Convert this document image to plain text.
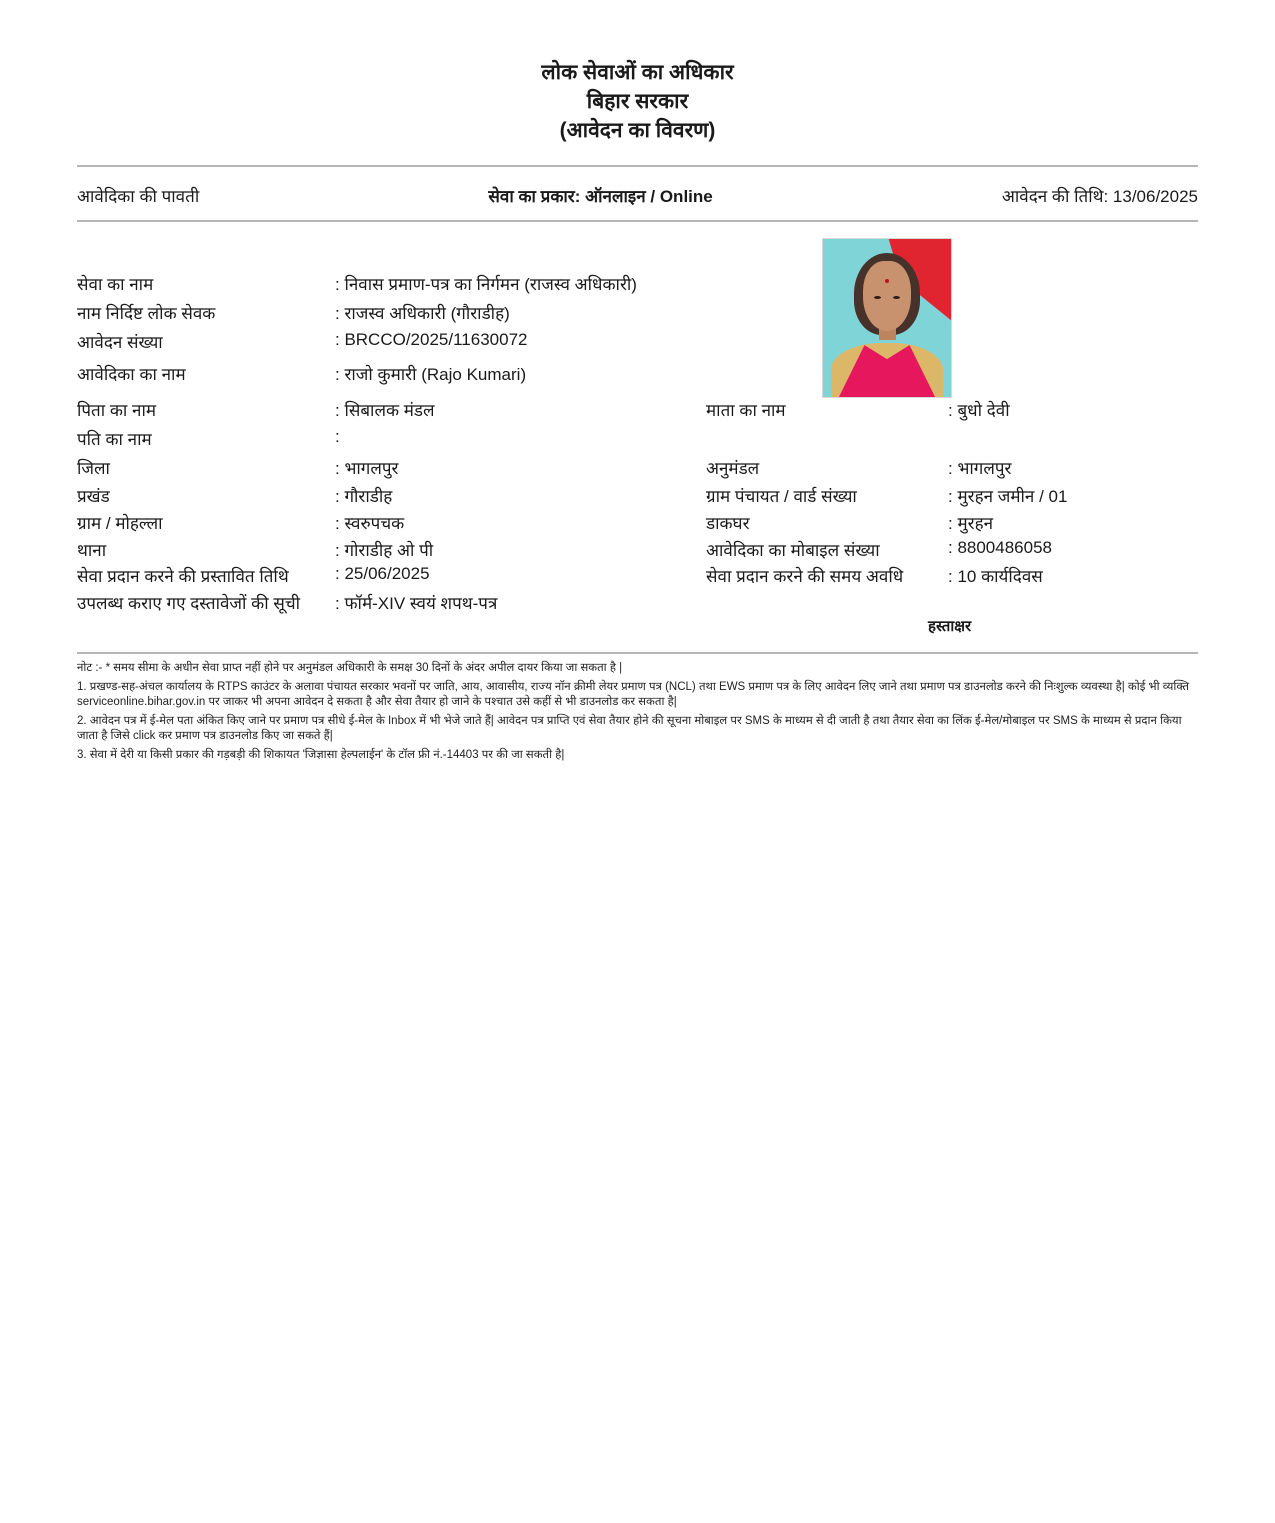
लोक सेवाओं का अधिकार
बिहार सरकार
(आवेदन का विवरण)
आवेदिका की पावती	सेवा का प्रकार: ऑनलाइन / Online	आवेदन की तिथि: 13/06/2025
सेवा का नाम	: निवास प्रमाण-पत्र का निर्गमन (राजस्व अधिकारी)
नाम निर्दिष्ट लोक सेवक	: राजस्व अधिकारी (गौराडीह)
आवेदन संख्या	: BRCCO/2025/11630072
आवेदिका का नाम	: राजो कुमारी (Rajo Kumari)
पिता का नाम	: सिबालक मंडल
पति का नाम	:
जिला	: भागलपुर
प्रखंड	: गौराडीह
ग्राम / मोहल्ला	: स्वरुपचक
थाना	: गोराडीह ओ पी
सेवा प्रदान करने की प्रस्तावित तिथि	: 25/06/2025
उपलब्ध कराए गए दस्तावेजों की सूची : फॉर्म-XIV स्वयं शपथ-पत्र
माता का नाम	: बुधो देवी
अनुमंडल	: भागलपुर
ग्राम पंचायत / वार्ड संख्या	: मुरहन जमीन / 01
डाकघर	: मुरहन
आवेदिका का मोबाइल संख्या	: 8800486058
सेवा प्रदान करने की समय अवधि	: 10 कार्यदिवस
हस्ताक्षर

नोट :- * समय सीमा के अधीन सेवा प्राप्त नहीं होने पर अनुमंडल अधिकारी के समक्ष 30 दिनों के अंदर अपील दायर किया जा सकता है |

1. प्रखण्ड-सह-अंचल कार्यालय के RTPS काउंटर के अलावा पंचायत सरकार भवनों पर जाति, आय, आवासीय, राज्य नॉन क्रीमी लेयर प्रमाण पत्र (NCL) तथा EWS प्रमाण पत्र के लिए आवेदन लिए जाने तथा प्रमाण पत्र डाउनलोड करने की निःशुल्क व्यवस्था है| कोई भी व्यक्ति serviceonline.bihar.gov.in पर जाकर भी अपना आवेदन दे सकता है और सेवा तैयार हो जाने के पश्चात उसे कहीं से भी डाउनलोड कर सकता है|

2. आवेदन पत्र में ई-मेल पता अंकित किए जाने पर प्रमाण पत्र सीधे ई-मेल के Inbox में भी भेजे जाते हैं| आवेदन पत्र प्राप्ति एवं सेवा तैयार होने की सूचना मोबाइल पर SMS के माध्यम से दी जाती है तथा तैयार सेवा का लिंक ई-मेल/मोबाइल पर SMS के माध्यम से प्रदान किया जाता है जिसे click कर प्रमाण पत्र डाउनलोड किए जा सकते हैं|

3. सेवा में देरी या किसी प्रकार की गड़बड़ी की शिकायत 'जिज्ञासा हेल्पलाईन' के टॉल फ्री नं.-14403 पर की जा सकती है|
